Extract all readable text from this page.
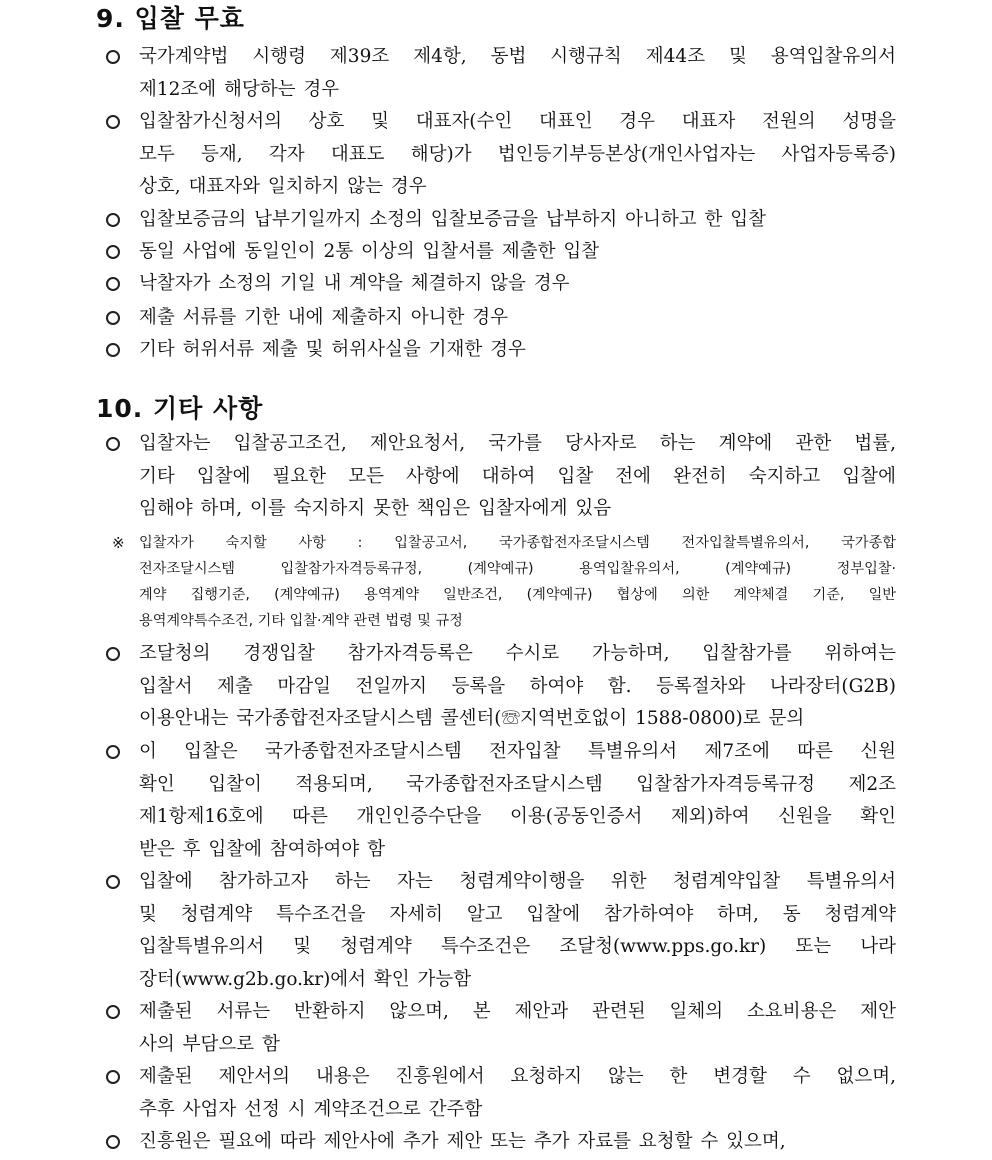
9. 입찰 무효
국가계약법 시행령 제39조 제4항, 동법 시행규칙 제44조 및 용역입찰유의서
제12조에 해당하는 경우
입찰참가신청서의 상호 및 대표자(수인 대표인 경우 대표자 전원의 성명을
모두 등재, 각자 대표도 해당)가 법인등기부등본상(개인사업자는 사업자등록증)
상호, 대표자와 일치하지 않는 경우
입찰보증금의 납부기일까지 소정의 입찰보증금을 납부하지 아니하고 한 입찰
동일 사업에 동일인이 2통 이상의 입찰서를 제출한 입찰
낙찰자가 소정의 기일 내 계약을 체결하지 않을 경우
제출 서류를 기한 내에 제출하지 아니한 경우
기타 허위서류 제출 및 허위사실을 기재한 경우
10. 기타 사항
입찰자는 입찰공고조건, 제안요청서, 국가를 당사자로 하는 계약에 관한 법률,
기타 입찰에 필요한 모든 사항에 대하여 입찰 전에 완전히 숙지하고 입찰에
임해야 하며, 이를 숙지하지 못한 책임은 입찰자에게 있음
※ 입찰자가 숙지할 사항 : 입찰공고서, 국가종합전자조달시스템 전자입찰특별유의서, 국가종합
전자조달시스템 입찰참가자격등록규정, (계약예규) 용역입찰유의서, (계약예규) 정부입찰·
계약 집행기준, (계약예규) 용역계약 일반조건, (계약예규) 협상에 의한 계약체결 기준, 일반
용역계약특수조건, 기타 입찰·계약 관련 법령 및 규정
조달청의 경쟁입찰 참가자격등록은 수시로 가능하며, 입찰참가를 위하여는
입찰서 제출 마감일 전일까지 등록을 하여야 함. 등록절차와 나라장터(G2B)
이용안내는 국가종합전자조달시스템 콜센터(☏지역번호없이 1588-0800)로 문의
이 입찰은 국가종합전자조달시스템 전자입찰 특별유의서 제7조에 따른 신원
확인 입찰이 적용되며, 국가종합전자조달시스템 입찰참가자격등록규정 제2조
제1항제16호에 따른 개인인증수단을 이용(공동인증서 제외)하여 신원을 확인
받은 후 입찰에 참여하여야 함
입찰에 참가하고자 하는 자는 청렴계약이행을 위한 청렴계약입찰 특별유의서
및 청렴계약 특수조건을 자세히 알고 입찰에 참가하여야 하며, 동 청렴계약
입찰특별유의서 및 청렴계약 특수조건은 조달청(www.pps.go.kr) 또는 나라
장터(www.g2b.go.kr)에서 확인 가능함
제출된 서류는 반환하지 않으며, 본 제안과 관련된 일체의 소요비용은 제안
사의 부담으로 함
제출된 제안서의 내용은 진흥원에서 요청하지 않는 한 변경할 수 없으며,
추후 사업자 선정 시 계약조건으로 간주함
진흥원은 필요에 따라 제안사에 추가 제안 또는 추가 자료를 요청할 수 있으며,
